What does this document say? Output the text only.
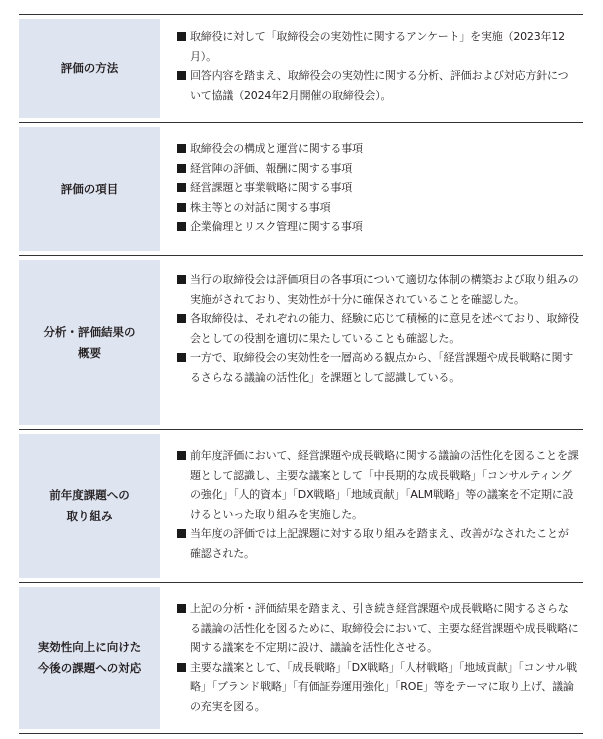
評価の方法
取締役に対して「取締役会の実効性に関するアンケート」を実施（2023年12月）。
回答内容を踏まえ、取締役会の実効性に関する分析、評価および対応方針について協議（2024年2月開催の取締役会）。
評価の項目
取締役会の構成と運営に関する事項
経営陣の評価、報酬に関する事項
経営課題と事業戦略に関する事項
株主等との対話に関する事項
企業倫理とリスク管理に関する事項
分析・評価結果の
概要
当行の取締役会は評価項目の各事項について適切な体制の構築および取り組みの実施がされており、実効性が十分に確保されていることを確認した。
各取締役は、それぞれの能力、経験に応じて積極的に意見を述べており、取締役会としての役割を適切に果たしていることも確認した。
一方で、取締役会の実効性を一層高める観点から、「経営課題や成長戦略に関するさらなる議論の活性化」を課題として認識している。
前年度課題への
取り組み
前年度評価において、経営課題や成長戦略に関する議論の活性化を図ることを課題として認識し、主要な議案として「中長期的な成長戦略」「コンサルティングの強化」「人的資本」「DX戦略」「地域貢献」「ALM戦略」等の議案を不定期に設けるといった取り組みを実施した。
当年度の評価では上記課題に対する取り組みを踏まえ、改善がなされたことが確認された。
実効性向上に向けた
今後の課題への対応
上記の分析・評価結果を踏まえ、引き続き経営課題や成長戦略に関するさらなる議論の活性化を図るために、取締役会において、主要な経営課題や成長戦略に関する議案を不定期に設け、議論を活性化させる。
主要な議案として、「成長戦略」「DX戦略」「人材戦略」「地域貢献」「コンサル戦略」「ブランド戦略」「有価証券運用強化」「ROE」等をテーマに取り上げ、議論の充実を図る。
